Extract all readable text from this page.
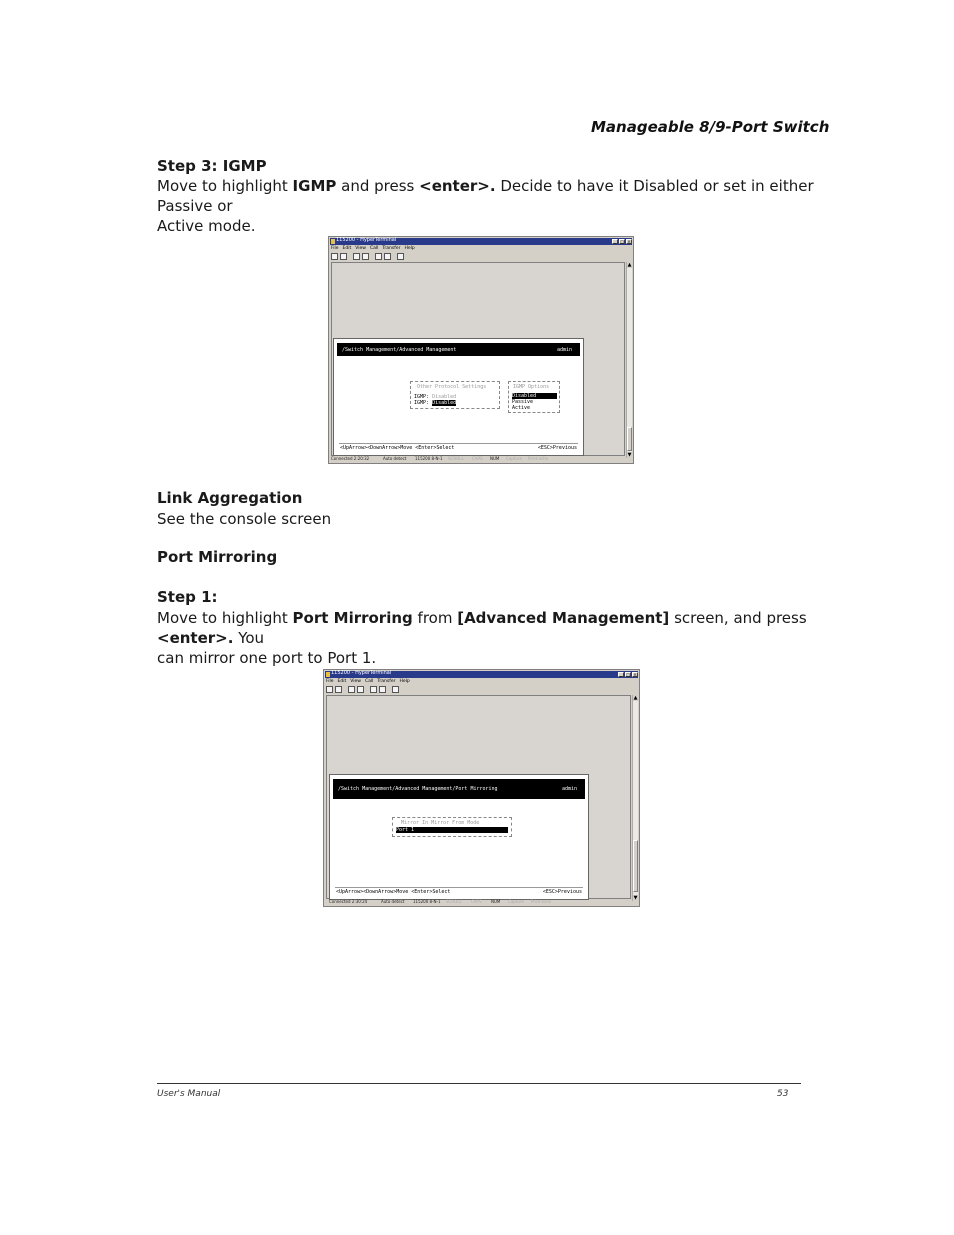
Manageable 8/9-Port Switch
Step 3: IGMP
Move to highlight IGMP and press <enter>. Decide to have it Disabled or set in either Passive or
Active mode.
115200 - HyperTerminal	_	□ ×
File Edit View Call Transfer Help
▲
▼
/Switch Management/Advanced Management	admin
Other Protocol Settings
IGMP: Disabled
IGMP: Disabled
IGMP Options
Disabled
Passive
Active
<UpArrow><DownArrow>Move <Enter>Select	<ESC>Previous
Connected 2:20:32	Auto detect 115200 8-N-1 SCROLL CAPS NUM Capture Print echo
Link Aggregation
See the console screen
Port Mirroring
Step 1:
Move to highlight Port Mirroring from [Advanced Management] screen, and press <enter>. You
can mirror one port to Port 1.
115200 - HyperTerminal	_	□ ×
File Edit View Call Transfer Help
▲
▼
/Switch Management/Advanced Management/Port Mirroring	admin
Mirror In Mirror From Mode
Port 1
<UpArrow><DownArrow>Move <Enter>Select	<ESC>Previous
Connected 2:30:24	Auto detect 115200 8-N-1 SCROLL CAPS NUM Capture Print echo
User's Manual	53
